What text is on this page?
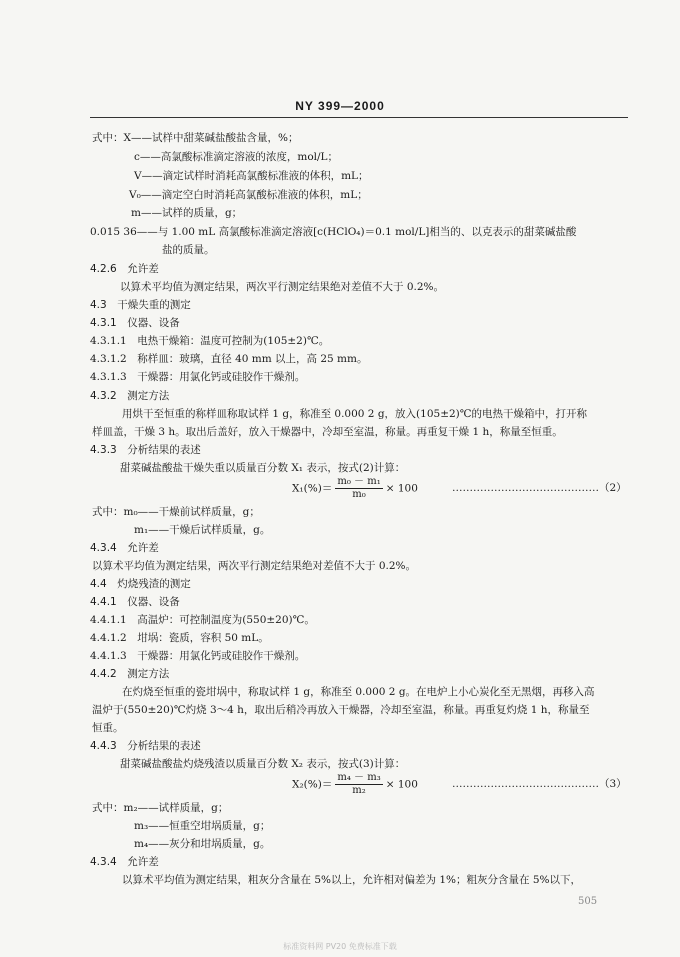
NY 399—2000
式中：X——试样中甜菜碱盐酸盐含量，%；
c——高氯酸标准滴定溶液的浓度，mol/L；
V——滴定试样时消耗高氯酸标准液的体积，mL；
V₀——滴定空白时消耗高氯酸标准液的体积，mL；
m——试样的质量，g；
0.015 36——与 1.00 mL 高氯酸标准滴定溶液[c(HClO₄)＝0.1 mol/L]相当的、以克表示的甜菜碱盐酸
盐的质量。
4.2.6　允许差
以算术平均值为测定结果，两次平行测定结果绝对差值不大于 0.2%。
4.3　干燥失重的测定
4.3.1　仪器、设备
4.3.1.1　电热干燥箱：温度可控制为(105±2)℃。
4.3.1.2　称样皿：玻璃，直径 40 mm 以上，高 25 mm。
4.3.1.3　干燥器：用氯化钙或硅胶作干燥剂。
4.3.2　测定方法
用烘干至恒重的称样皿称取试样 1 g，称准至 0.000 2 g，放入(105±2)℃的电热干燥箱中，打开称
样皿盖，干燥 3 h。取出后盖好，放入干燥器中，冷却至室温，称量。再重复干燥 1 h，称量至恒重。
4.3.3　分析结果的表述
甜菜碱盐酸盐干燥失重以质量百分数 X₁ 表示，按式(2)计算：
$X_1(\%)= \frac{\text{m₀ － m₁}}{\text{m₀}} \times 100$	……………………………………（2）
式中：m₀——干燥前试样质量，g；
m₁——干燥后试样质量，g。
4.3.4　允许差
以算术平均值为测定结果，两次平行测定结果绝对差值不大于 0.2%。
4.4　灼烧残渣的测定
4.4.1　仪器、设备
4.4.1.1　高温炉：可控制温度为(550±20)℃。
4.4.1.2　坩埚：瓷质，容积 50 mL。
4.4.1.3　干燥器：用氯化钙或硅胶作干燥剂。
4.4.2　测定方法
在灼烧至恒重的瓷坩埚中，称取试样 1 g，称准至 0.000 2 g。在电炉上小心炭化至无黑烟，再移入高
温炉于(550±20)℃灼烧 3～4 h，取出后稍冷再放入干燥器，冷却至室温，称量。再重复灼烧 1 h，称量至
恒重。
4.4.3　分析结果的表述
甜菜碱盐酸盐灼烧残渣以质量百分数 X₂ 表示，按式(3)计算：
$X_2(\%)= \frac{\text{m₄ － m₃}}{\text{m₂}} \times 100$	……………………………………（3）
式中：m₂——试样质量，g；
m₃——恒重空坩埚质量，g；
m₄——灰分和坩埚质量，g。
4.3.4　允许差
以算术平均值为测定结果，粗灰分含量在 5%以上，允许相对偏差为 1%；粗灰分含量在 5%以下，
505
标准资料网 PV20 免费标准下载
